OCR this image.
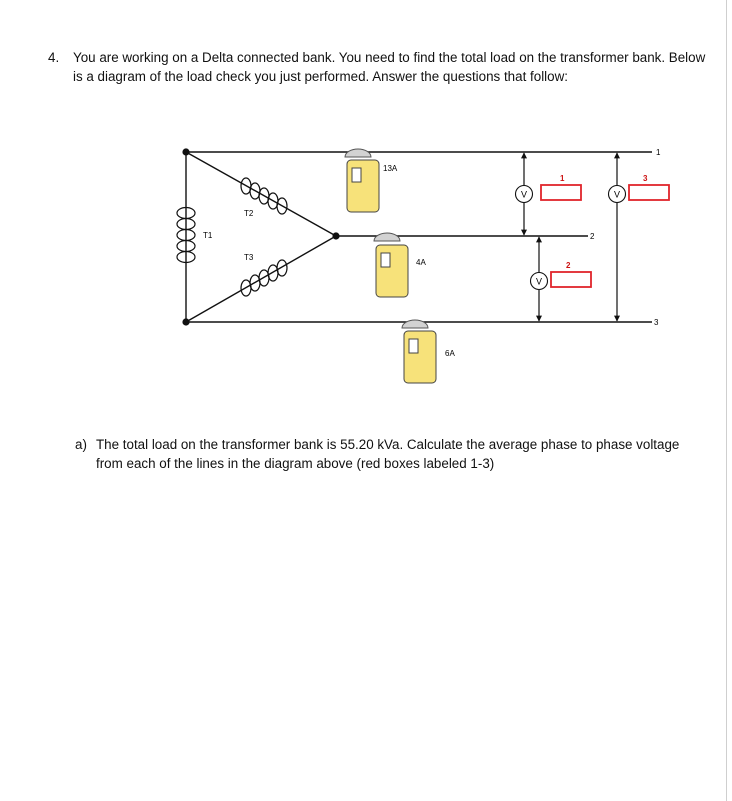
4. You are working on a Delta connected bank. You need to find the total load on the transformer bank. Below is a diagram of the load check you just performed. Answer the questions that follow:
T1
T2
T3
13A
4A
6A
V
V
V
1
2
3
1
2
3
a) The total load on the transformer bank is 55.20 kVa. Calculate the average phase to phase voltage from each of the lines in the diagram above (red boxes labeled 1-3)
